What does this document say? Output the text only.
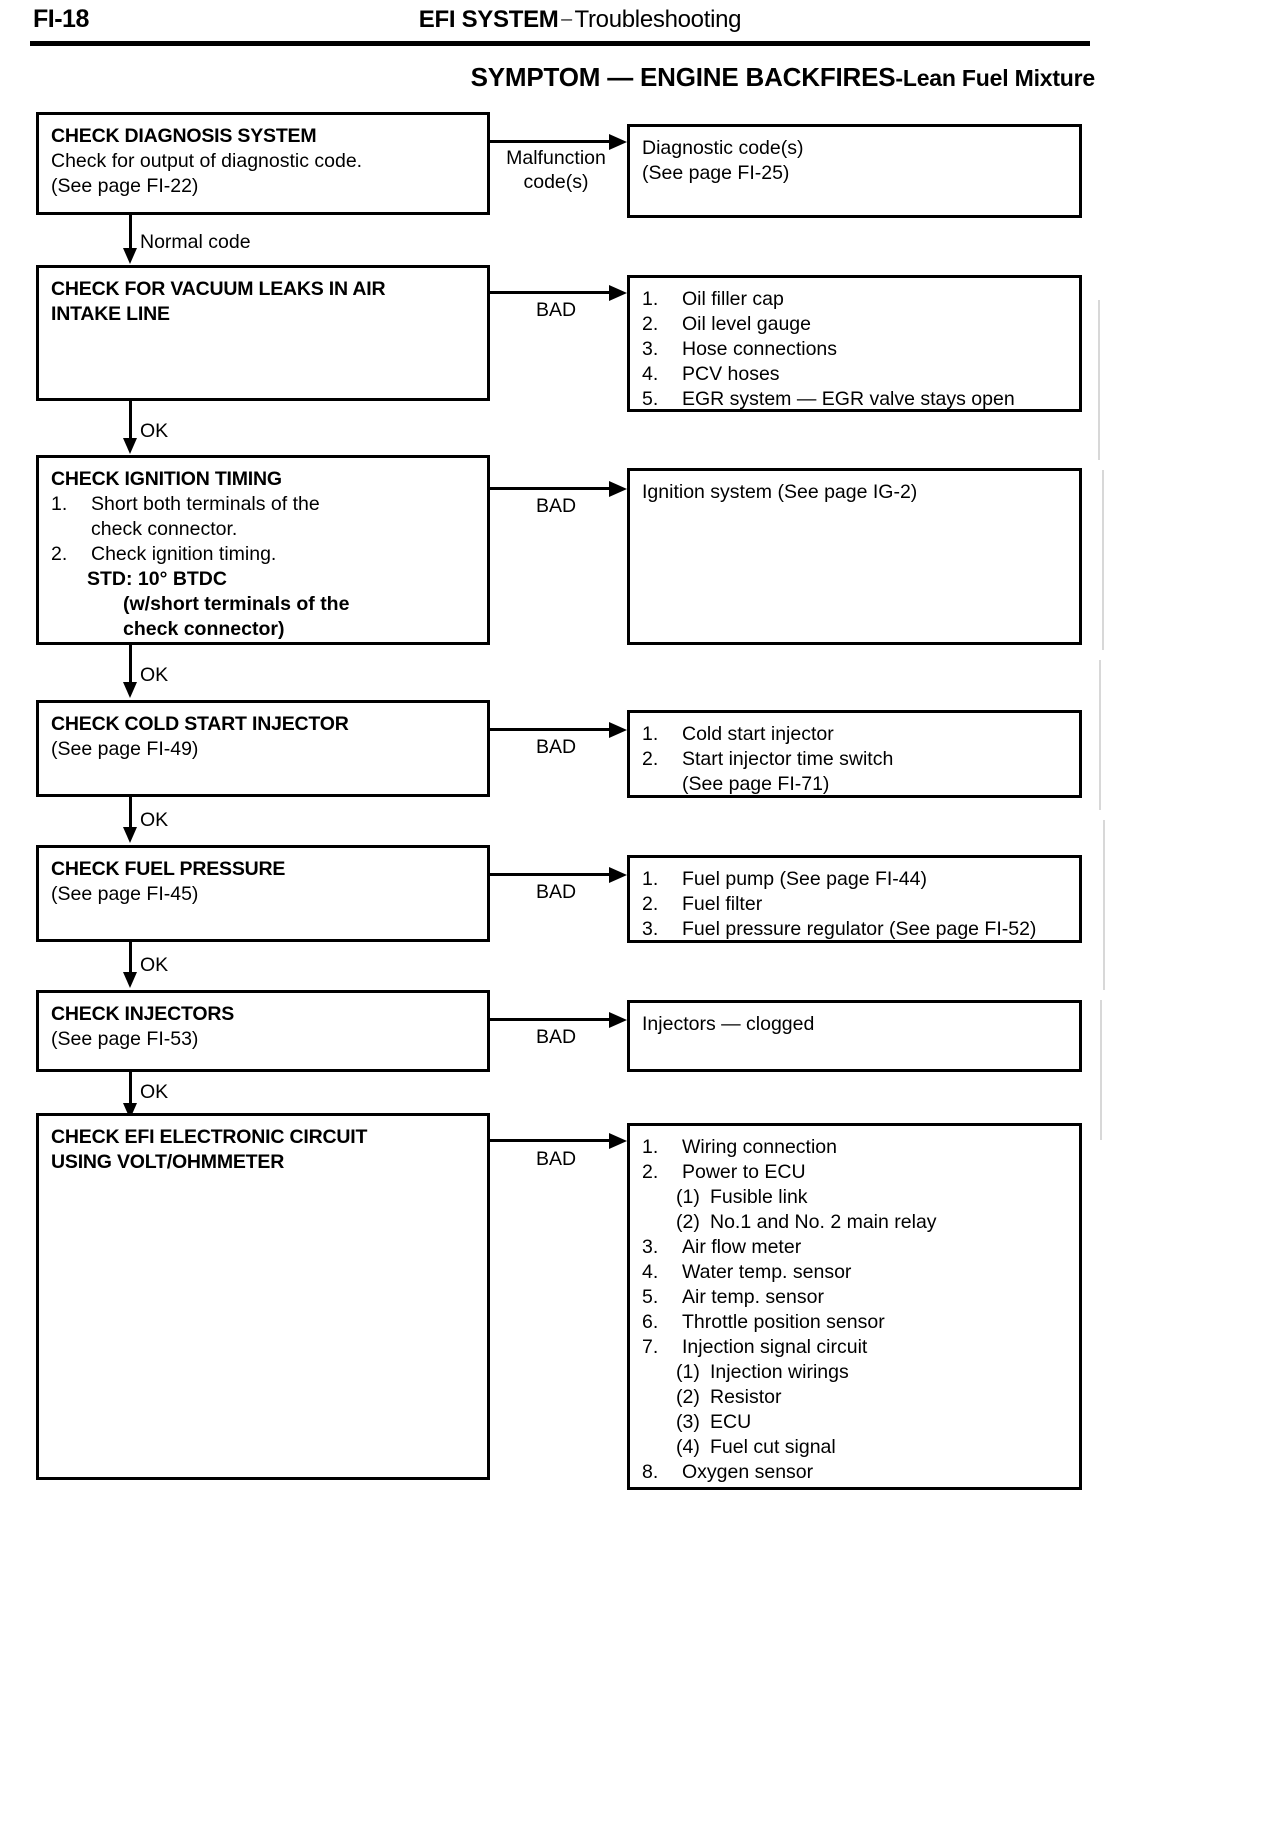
FI-18	EFI SYSTEM — Troubleshooting
SYMPTOM — ENGINE BACKFIRES-Lean Fuel Mixture
CHECK DIAGNOSIS SYSTEM
Check for output of diagnostic code.
(See page FI-22)
Malfunction
code(s)
Diagnostic code(s)
(See page FI-25)
Normal code
CHECK FOR VACUUM LEAKS IN AIR
INTAKE LINE	BAD	1. Oil filler cap
2. Oil level gauge
3. Hose connections
4. PCV hoses
5. EGR system — EGR valve stays open
OK
CHECK IGNITION TIMING
1. Short both terminals of the
check connector.
2. Check ignition timing.
STD: 10° BTDC
(w/short terminals of the
check connector)
BAD
Ignition system (See page IG-2)
OK
CHECK COLD START INJECTOR
(See page FI-49)	BAD
1. Cold start injector
2. Start injector time switch
(See page FI-71)
OK
CHECK FUEL PRESSURE
(See page FI-45)	BAD
1. Fuel pump (See page FI-44)
2. Fuel filter
3. Fuel pressure regulator (See page FI-52)
OK
CHECK INJECTORS
(See page FI-53)	BAD
Injectors — clogged
OK
CHECK EFI ELECTRONIC CIRCUIT
USING VOLT/OHMMETER	BAD
1. Wiring connection
2. Power to ECU
(1) Fusible link
(2) No.1 and No. 2 main relay
3. Air flow meter
4. Water temp. sensor
5. Air temp. sensor
6. Throttle position sensor
7. Injection signal circuit
(1) Injection wirings
(2) Resistor
(3) ECU
(4) Fuel cut signal
8. Oxygen sensor
